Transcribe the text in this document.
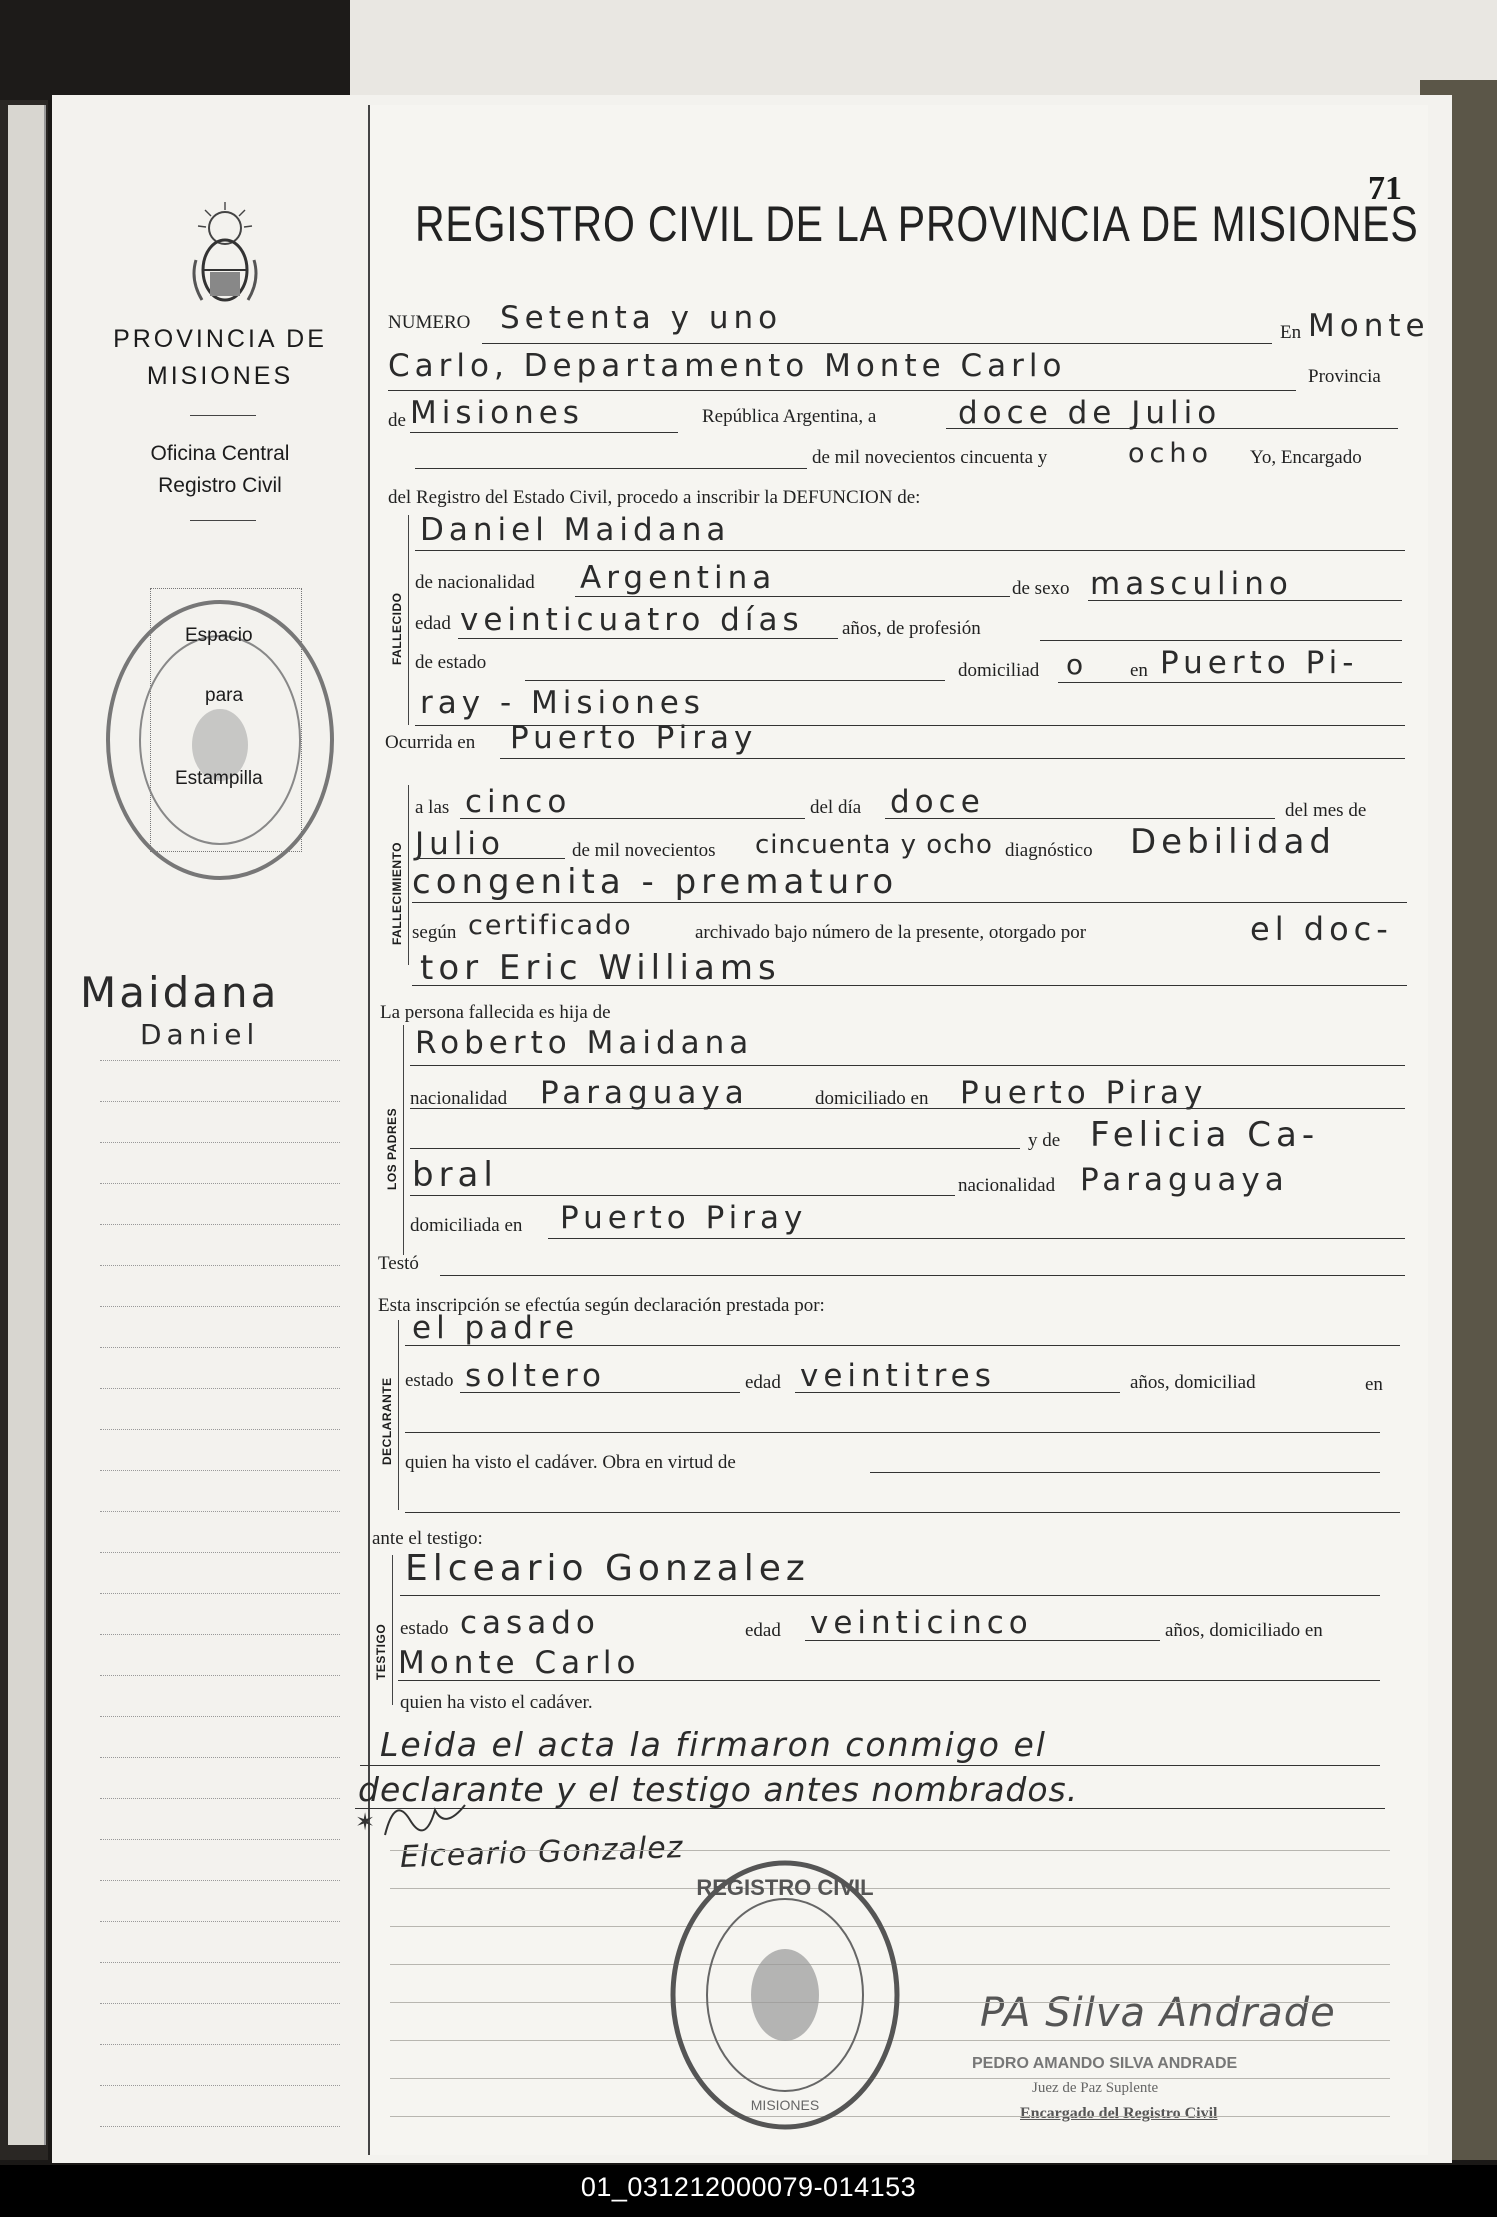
PROVINCIA DE
MISIONES
Oficina Central
Registro Civil
Espacio
para
Estampilla
Maidana
Daniel
71
REGISTRO CIVIL DE LA PROVINCIA DE MISIONES
NUMERO Setenta y uno	En Monte
Carlo, Departamento Monte Carlo	Provincia
de Misiones	República Argentina, a	doce de Julio
de mil novecientos cincuenta y	ocho Yo, Encargado
del Registro del Estado Civil, procedo a inscribir la DEFUNCION de:
FALLECIDO
Daniel Maidana
de nacionalidad Argentina	de sexo masculino
edad veinticuatro días años, de profesión
de estado	domiciliad o en Puerto Pi-
ray - Misiones
Ocurrida en Puerto Piray
FALLECIMIENTO
a las cinco	del día doce	del mes de
Julio	de mil novecientos cincuenta y ocho diagnóstico Debilidad
congenita - prematuro
según certificado	archivado bajo número de la presente, otorgado por	el doc-
tor Eric Williams
La persona fallecida es hija de
LOS PADRES
Roberto Maidana
nacionalidad Paraguaya	domiciliado en Puerto Piray
y de Felicia Ca-
bral	nacionalidad Paraguaya
domiciliada en Puerto Piray
Testó
Esta inscripción se efectúa según declaración prestada por:
DECLARANTE
el padre
estado soltero	edad veintitres	años, domiciliad	en
quien ha visto el cadáver. Obra en virtud de
ante el testigo:
TESTIGO
Elceario Gonzalez
estado casado	edad veinticinco	años, domiciliado en
Monte Carlo
quien ha visto el cadáver.
Leida el acta la firmaron conmigo el
declarante y el testigo antes nombrados.
✶
Elceario Gonzalez
PA Silva Andrade
PEDRO AMANDO SILVA ANDRADE
Juez de Paz Suplente
Encargado del Registro Civil
REGISTRO CIVIL
MISIONES
01_031212000079-014153
